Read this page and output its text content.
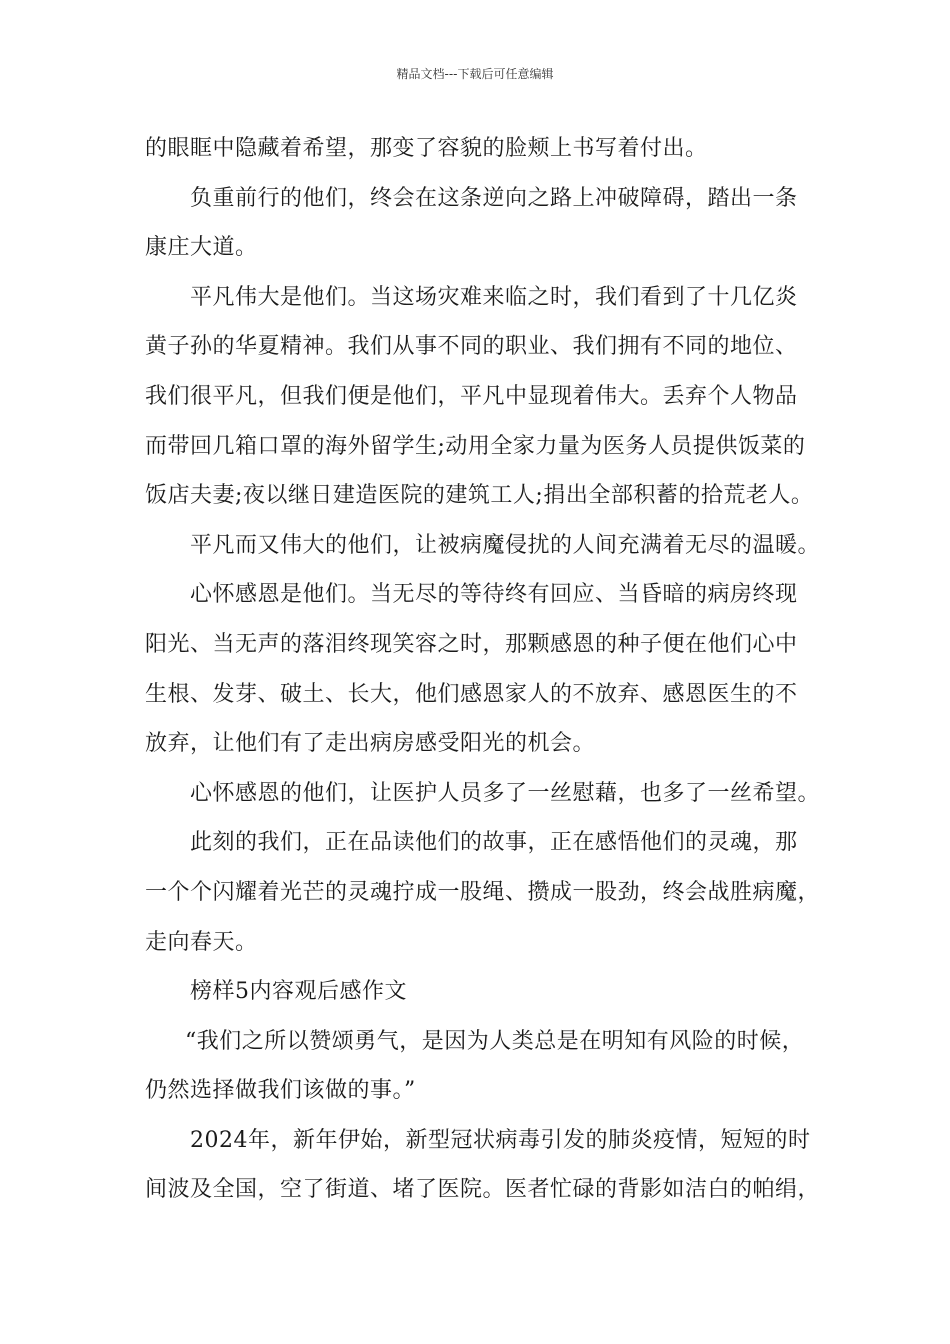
精品文档---下载后可任意编辑
的眼眶中隐藏着希望，那变了容貌的脸颊上书写着付出。
负重前行的他们，终会在这条逆向之路上冲破障碍，踏出一条
康庄大道。
平凡伟大是他们。当这场灾难来临之时，我们看到了十几亿炎
黄子孙的华夏精神。我们从事不同的职业、我们拥有不同的地位、
我们很平凡，但我们便是他们，平凡中显现着伟大。丢弃个人物品
而带回几箱口罩的海外留学生;动用全家力量为医务人员提供饭菜的
饭店夫妻;夜以继日建造医院的建筑工人;捐出全部积蓄的拾荒老人。
平凡而又伟大的他们，让被病魔侵扰的人间充满着无尽的温暖。
心怀感恩是他们。当无尽的等待终有回应、当昏暗的病房终现
阳光、当无声的落泪终现笑容之时，那颗感恩的种子便在他们心中
生根、发芽、破土、长大，他们感恩家人的不放弃、感恩医生的不
放弃，让他们有了走出病房感受阳光的机会。
心怀感恩的他们，让医护人员多了一丝慰藉，也多了一丝希望。
此刻的我们，正在品读他们的故事，正在感悟他们的灵魂，那
一个个闪耀着光芒的灵魂拧成一股绳、攒成一股劲，终会战胜病魔，
走向春天。
榜样5内容观后感作文
“我们之所以赞颂勇气，是因为人类总是在明知有风险的时候，
仍然选择做我们该做的事。”
2024年，新年伊始，新型冠状病毒引发的肺炎疫情，短短的时
间波及全国，空了街道、堵了医院。医者忙碌的背影如洁白的帕绢，
